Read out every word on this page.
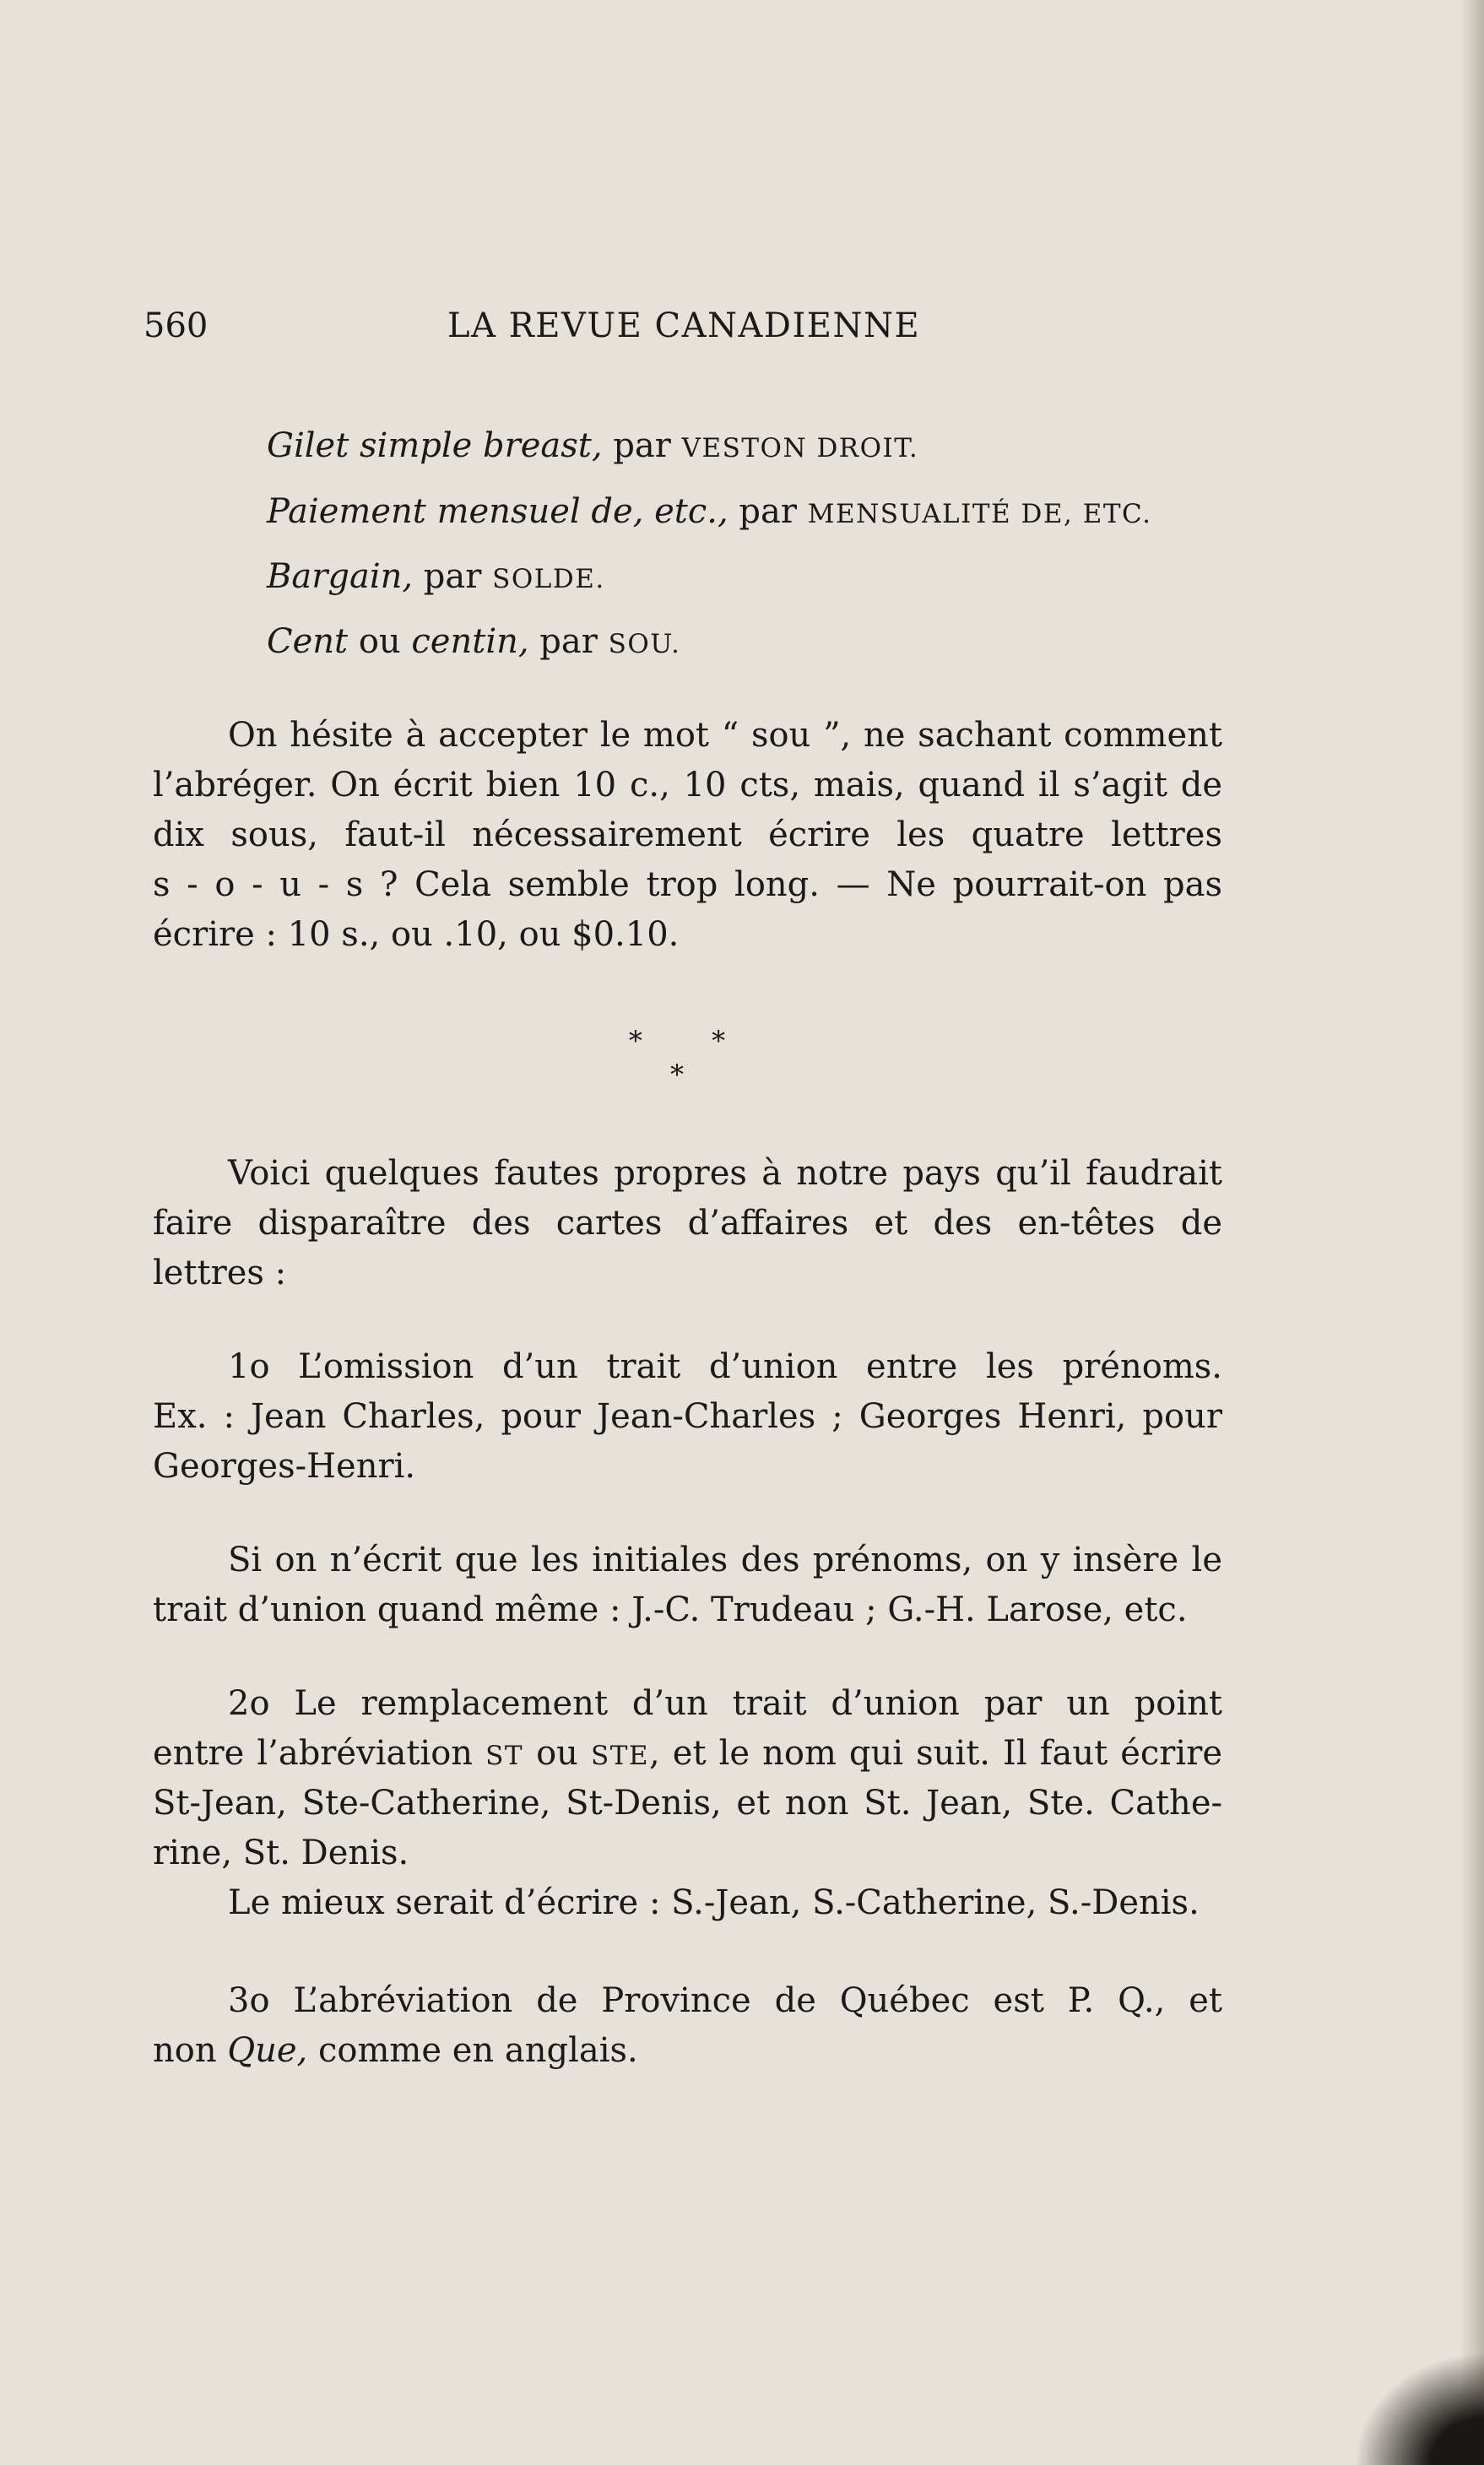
560	LA REVUE CANADIENNE

Gilet simple breast, par VESTON DROIT.

Paiement mensuel de, etc., par MENSUALITÉ DE, ETC.

Bargain, par SOLDE.

Cent ou centin, par SOU.

On hésite à accepter le mot “ sou ”, ne sachant comment

l’abréger. On écrit bien 10 c., 10 cts, mais, quand il s’agit de

dix sous, faut-il nécessairement écrire les quatre lettres

s - o - u - s ? Cela semble trop long. — Ne pourrait-on pas

écrire : 10 s., ou .10, ou $0.10.

* * *

Voici quelques fautes propres à notre pays qu’il faudrait

faire disparaître des cartes d’affaires et des en-têtes de

lettres :

1o L’omission d’un trait d’union entre les prénoms.

Ex. : Jean Charles, pour Jean-Charles ; Georges Henri, pour

Georges-Henri.

Si on n’écrit que les initiales des prénoms, on y insère le

trait d’union quand même : J.-C. Trudeau ; G.-H. Larose, etc.

2o Le remplacement d’un trait d’union par un point

entre l’abréviation ST ou STE, et le nom qui suit. Il faut écrire

St-Jean, Ste-Catherine, St-Denis, et non St. Jean, Ste. Cathe-

rine, St. Denis.

Le mieux serait d’écrire : S.-Jean, S.-Catherine, S.-Denis.

3o L’abréviation de Province de Québec est P. Q., et

non Que, comme en anglais.
